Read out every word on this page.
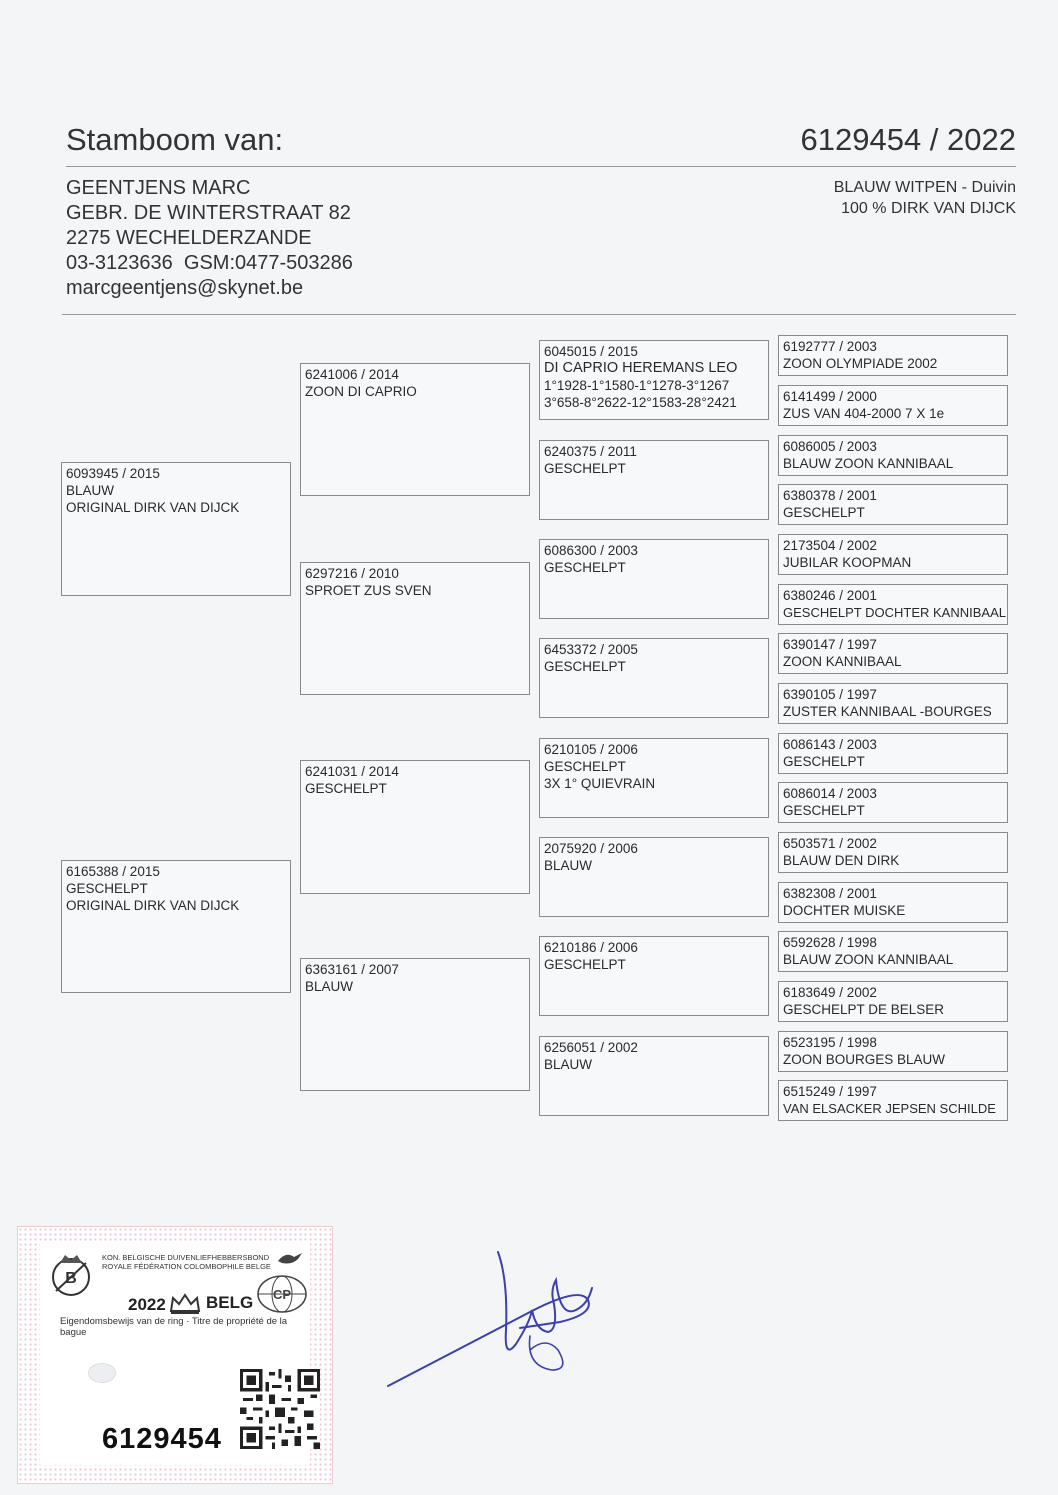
Stamboom van:	6129454 / 2022
GEENTJENS MARC
GEBR. DE WINTERSTRAAT 82
2275 WECHELDERZANDE
03-3123636  GSM:0477-503286
marcgeentjens@skynet.be
BLAUW WITPEN - Duivin
100 % DIRK VAN DIJCK
6093945 / 2015
BLAUW
ORIGINAL DIRK VAN DIJCK
6165388 / 2015
GESCHELPT
ORIGINAL DIRK VAN DIJCK
6241006 / 2014
ZOON DI CAPRIO
6297216 / 2010
SPROET ZUS SVEN
6241031 / 2014
GESCHELPT
6363161 / 2007
BLAUW
6045015 / 2015
DI CAPRIO HEREMANS LEO
1°1928-1°1580-1°1278-3°1267
3°658-8°2622-12°1583-28°2421
6240375 / 2011
GESCHELPT
6086300 / 2003
GESCHELPT
6453372 / 2005
GESCHELPT
6210105 / 2006
GESCHELPT
3X 1° QUIEVRAIN
2075920 / 2006
BLAUW
6210186 / 2006
GESCHELPT
6256051 / 2002
BLAUW
6192777 / 2003
ZOON OLYMPIADE 2002
6141499 / 2000
ZUS VAN 404-2000 7 X 1e
6086005 / 2003
BLAUW ZOON KANNIBAAL
6380378 / 2001
GESCHELPT
2173504 / 2002
JUBILAR KOOPMAN
6380246 / 2001
GESCHELPT DOCHTER KANNIBAAL
6390147 / 1997
ZOON KANNIBAAL
6390105 / 1997
ZUSTER KANNIBAAL -BOURGES
6086143 / 2003
GESCHELPT
6086014 / 2003
GESCHELPT
6503571 / 2002
BLAUW DEN DIRK
6382308 / 2001
DOCHTER MUISKE
6592628 / 1998
BLAUW ZOON KANNIBAAL
6183649 / 2002
GESCHELPT DE BELSER
6523195 / 1998
ZOON BOURGES BLAUW
6515249 / 1997
VAN ELSACKER JEPSEN SCHILDE
B
KON. BELGISCHE DUIVENLIEFHEBBERSBOND
ROYALE FÉDÉRATION COLOMBOPHILE BELGE
2022 BELG CP
Eigendomsbewijs van de ring · Titre de propriété de la bague
6129454
